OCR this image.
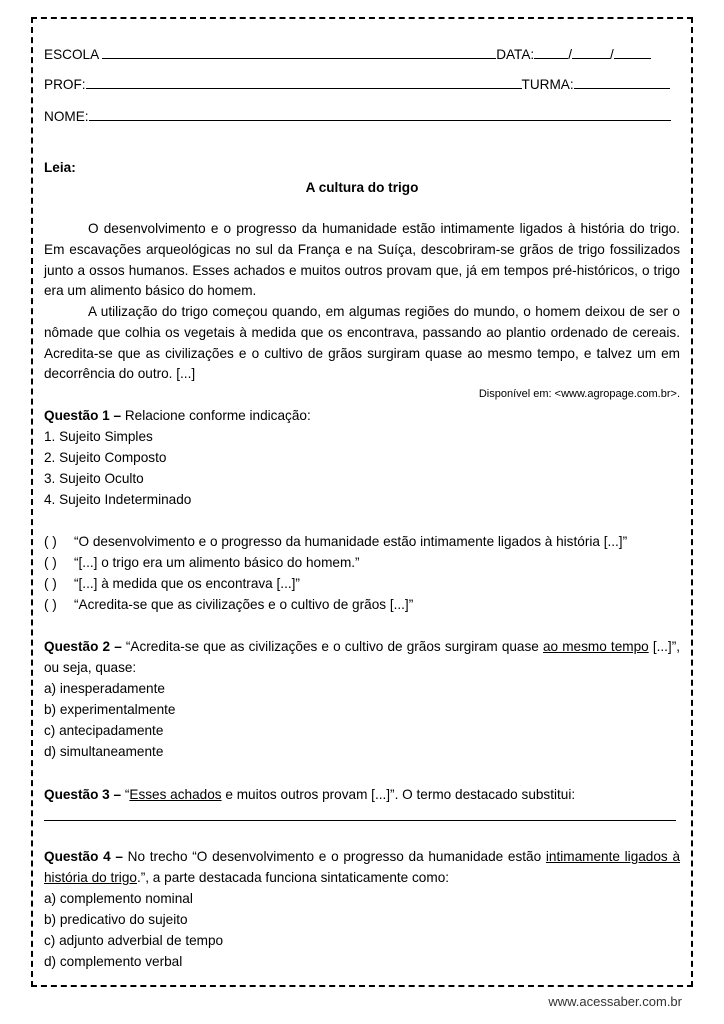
ESCOLA	DATA:	/	/
PROF:	TURMA:
NOME:
Leia:
A cultura do trigo
O desenvolvimento e o progresso da humanidade estão intimamente ligados à história do trigo. Em escavações arqueológicas no sul da França e na Suíça, descobriram-se grãos de trigo fossilizados junto a ossos humanos. Esses achados e muitos outros provam que, já em tempos pré-históricos, o trigo era um alimento básico do homem.
A utilização do trigo começou quando, em algumas regiões do mundo, o homem deixou de ser o nômade que colhia os vegetais à medida que os encontrava, passando ao plantio ordenado de cereais. Acredita-se que as civilizações e o cultivo de grãos surgiram quase ao mesmo tempo, e talvez um em decorrência do outro. [...]
Disponível em: <www.agropage.com.br>.
Questão 1 – Relacione conforme indicação:
1. Sujeito Simples
2. Sujeito Composto
3. Sujeito Oculto
4. Sujeito Indeterminado
( ) “O desenvolvimento e o progresso da humanidade estão intimamente ligados à história [...]”
( ) “[...] o trigo era um alimento básico do homem.”
( ) “[...] à medida que os encontrava [...]”
( ) “Acredita-se que as civilizações e o cultivo de grãos [...]”
Questão 2 – “Acredita-se que as civilizações e o cultivo de grãos surgiram quase ao mesmo tempo [...]”, ou seja, quase:
a) inesperadamente
b) experimentalmente
c) antecipadamente
d) simultaneamente
Questão 3 – “Esses achados e muitos outros provam [...]”. O termo destacado substitui:
Questão 4 – No trecho “O desenvolvimento e o progresso da humanidade estão intimamente ligados à história do trigo.”, a parte destacada funciona sintaticamente como:
a) complemento nominal
b) predicativo do sujeito
c) adjunto adverbial de tempo
d) complemento verbal
www.acessaber.com.br
